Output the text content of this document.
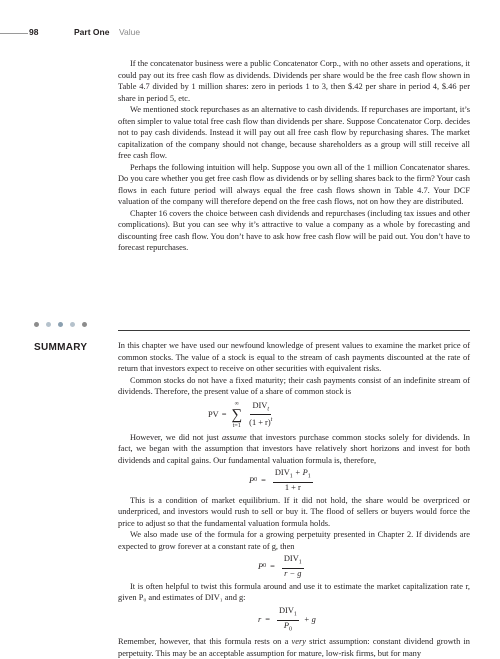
98	Part One Value

If the concatenator business were a public Concatenator Corp., with no other assets and operations, it could pay out its free cash flow as dividends. Dividends per share would be the free cash flow shown in Table 4.7 divided by 1 million shares: zero in periods 1 to 3, then $.42 per share in period 4, $.46 per share in period 5, etc.

We mentioned stock repurchases as an alternative to cash dividends. If repurchases are important, it’s often simpler to value total free cash flow than dividends per share. Suppose Concatenator Corp. decides not to pay cash dividends. Instead it will pay out all free cash flow by repurchasing shares. The market capitalization of the company should not change, because shareholders as a group will still receive all free cash flow.

Perhaps the following intuition will help. Suppose you own all of the 1 million Concatenator shares. Do you care whether you get free cash flow as dividends or by selling shares back to the firm? Your cash flows in each future period will always equal the free cash flows shown in Table 4.7. Your DCF valuation of the company will therefore depend on the free cash flows, not on how they are distributed.

Chapter 16 covers the choice between cash dividends and repurchases (including tax issues and other complications). But you can see why it’s attractive to value a company as a whole by forecasting and discounting free cash flow. You don’t have to ask how free cash flow will be paid out. You don’t have to forecast repurchases.

SUMMARY	In this chapter we have used our newfound knowledge of present values to examine the market price of common stocks. The value of a stock is equal to the stream of cash payments discounted at the rate of return that investors expect to receive on other securities with equivalent risks.

Common stocks do not have a fixed maturity; their cash payments consist of an indefinite stream of dividends. Therefore, the present value of a share of common stock is

PV =
∞
∑
$t=1 \frac{DIV_t}{(1 + r)^t}$

However, we did not just assume that investors purchase common stocks solely for dividends. In fact, we began with the assumption that investors have relatively short horizons and invest for both dividends and capital gains. Our fundamental valuation formula is, therefore,

P $0 = \frac{DIV_1 + P_1}{1 + r}$

This is a condition of market equilibrium. If it did not hold, the share would be overpriced or underpriced, and investors would rush to sell or buy it. The flood of sellers or buyers would force the price to adjust so that the fundamental valuation formula holds.

We also made use of the formula for a growing perpetuity presented in Chapter 2. If dividends are expected to grow forever at a constant rate of g, then

P $0 = \frac{DIV_1}{r - g}$

It is often helpful to twist this formula around and use it to estimate the market capitalization rate r, given P₀ and estimates of DIV₁ and g:

$r = \frac{DIV_1}{P_0} + g$

Remember, however, that this formula rests on a very strict assumption: constant dividend growth in perpetuity. This may be an acceptable assumption for mature, low-risk firms, but for many
